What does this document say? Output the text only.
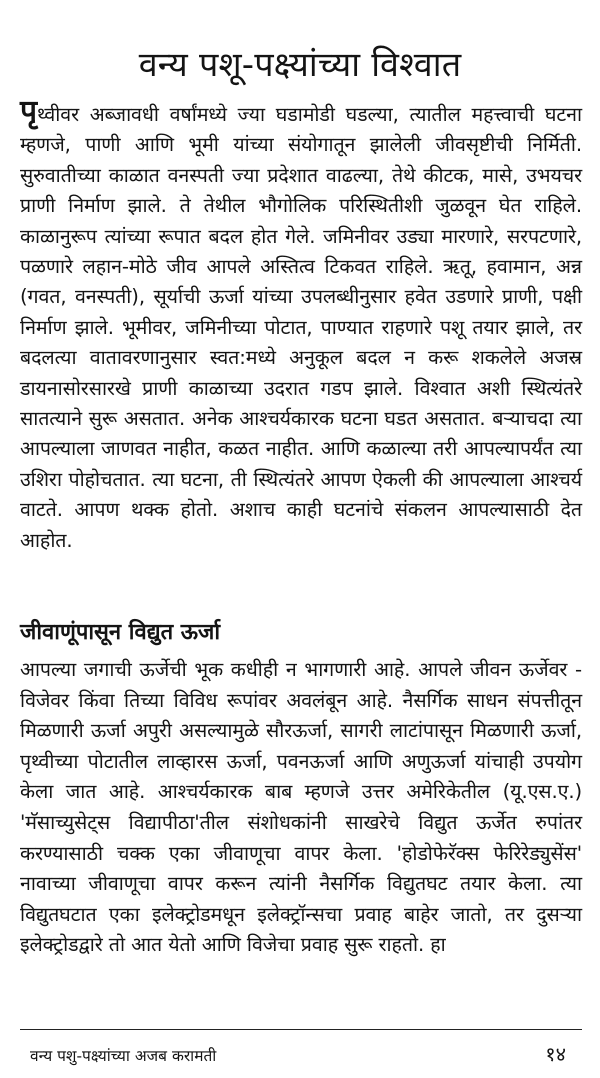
वन्य पशू-पक्ष्यांच्या विश्वात

पृथ्वीवर अब्जावधी वर्षांमध्ये ज्या घडामोडी घडल्या, त्यातील महत्त्वाची घटना म्हणजे, पाणी आणि भूमी यांच्या संयोगातून झालेली जीवसृष्टीची निर्मिती. सुरुवातीच्या काळात वनस्पती ज्या प्रदेशात वाढल्या, तेथे कीटक, मासे, उभयचर प्राणी निर्माण झाले. ते तेथील भौगोलिक परिस्थितीशी जुळवून घेत राहिले. काळानुरूप त्यांच्या रूपात बदल होत गेले. जमिनीवर उड्या मारणारे, सरपटणारे, पळणारे लहान-मोठे जीव आपले अस्तित्व टिकवत राहिले. ऋतू, हवामान, अन्न (गवत, वनस्पती), सूर्याची ऊर्जा यांच्या उपलब्धीनुसार हवेत उडणारे प्राणी, पक्षी निर्माण झाले. भूमीवर, जमिनीच्या पोटात, पाण्यात राहणारे पशू तयार झाले, तर बदलत्या वातावरणानुसार स्वत:मध्ये अनुकूल बदल न करू शकलेले अजस्र डायनासोरसारखे प्राणी काळाच्या उदरात गडप झाले. विश्वात अशी स्थित्यंतरे सातत्याने सुरू असतात. अनेक आश्चर्यकारक घटना घडत असतात. बऱ्याचदा त्या आपल्याला जाणवत नाहीत, कळत नाहीत. आणि कळाल्या तरी आपल्यापर्यंत त्या उशिरा पोहोचतात. त्या घटना, ती स्थित्यंतरे आपण ऐकली की आपल्याला आश्चर्य वाटते. आपण थक्क होतो. अशाच काही घटनांचे संकलन आपल्यासाठी देत आहोत.

जीवाणूंपासून विद्युत ऊर्जा

आपल्या जगाची ऊर्जेची भूक कधीही न भागणारी आहे. आपले जीवन ऊर्जेवर - विजेवर किंवा तिच्या विविध रूपांवर अवलंबून आहे. नैसर्गिक साधन संपत्तीतून मिळणारी ऊर्जा अपुरी असल्यामुळे सौरऊर्जा, सागरी लाटांपासून मिळणारी ऊर्जा, पृथ्वीच्या पोटातील लाव्हारस ऊर्जा, पवनऊर्जा आणि अणुऊर्जा यांचाही उपयोग केला जात आहे. आश्चर्यकारक बाब म्हणजे उत्तर अमेरिकेतील (यू.एस.ए.) 'मॅसाच्युसेट्स विद्यापीठा'तील संशोधकांनी साखरेचे विद्युत ऊर्जेत रुपांतर करण्यासाठी चक्क एका जीवाणूचा वापर केला. 'होडोफेरॅक्स फेरिरेड्युसेंस' नावाच्या जीवाणूचा वापर करून त्यांनी नैसर्गिक विद्युतघट तयार केला. त्या विद्युतघटात एका इलेक्ट्रोडमधून इलेक्ट्रॉन्सचा प्रवाह बाहेर जातो, तर दुसऱ्या इलेक्ट्रोडद्वारे तो आत येतो आणि विजेचा प्रवाह सुरू राहतो. हा

वन्य पशु-पक्ष्यांच्या अजब करामती	१४
